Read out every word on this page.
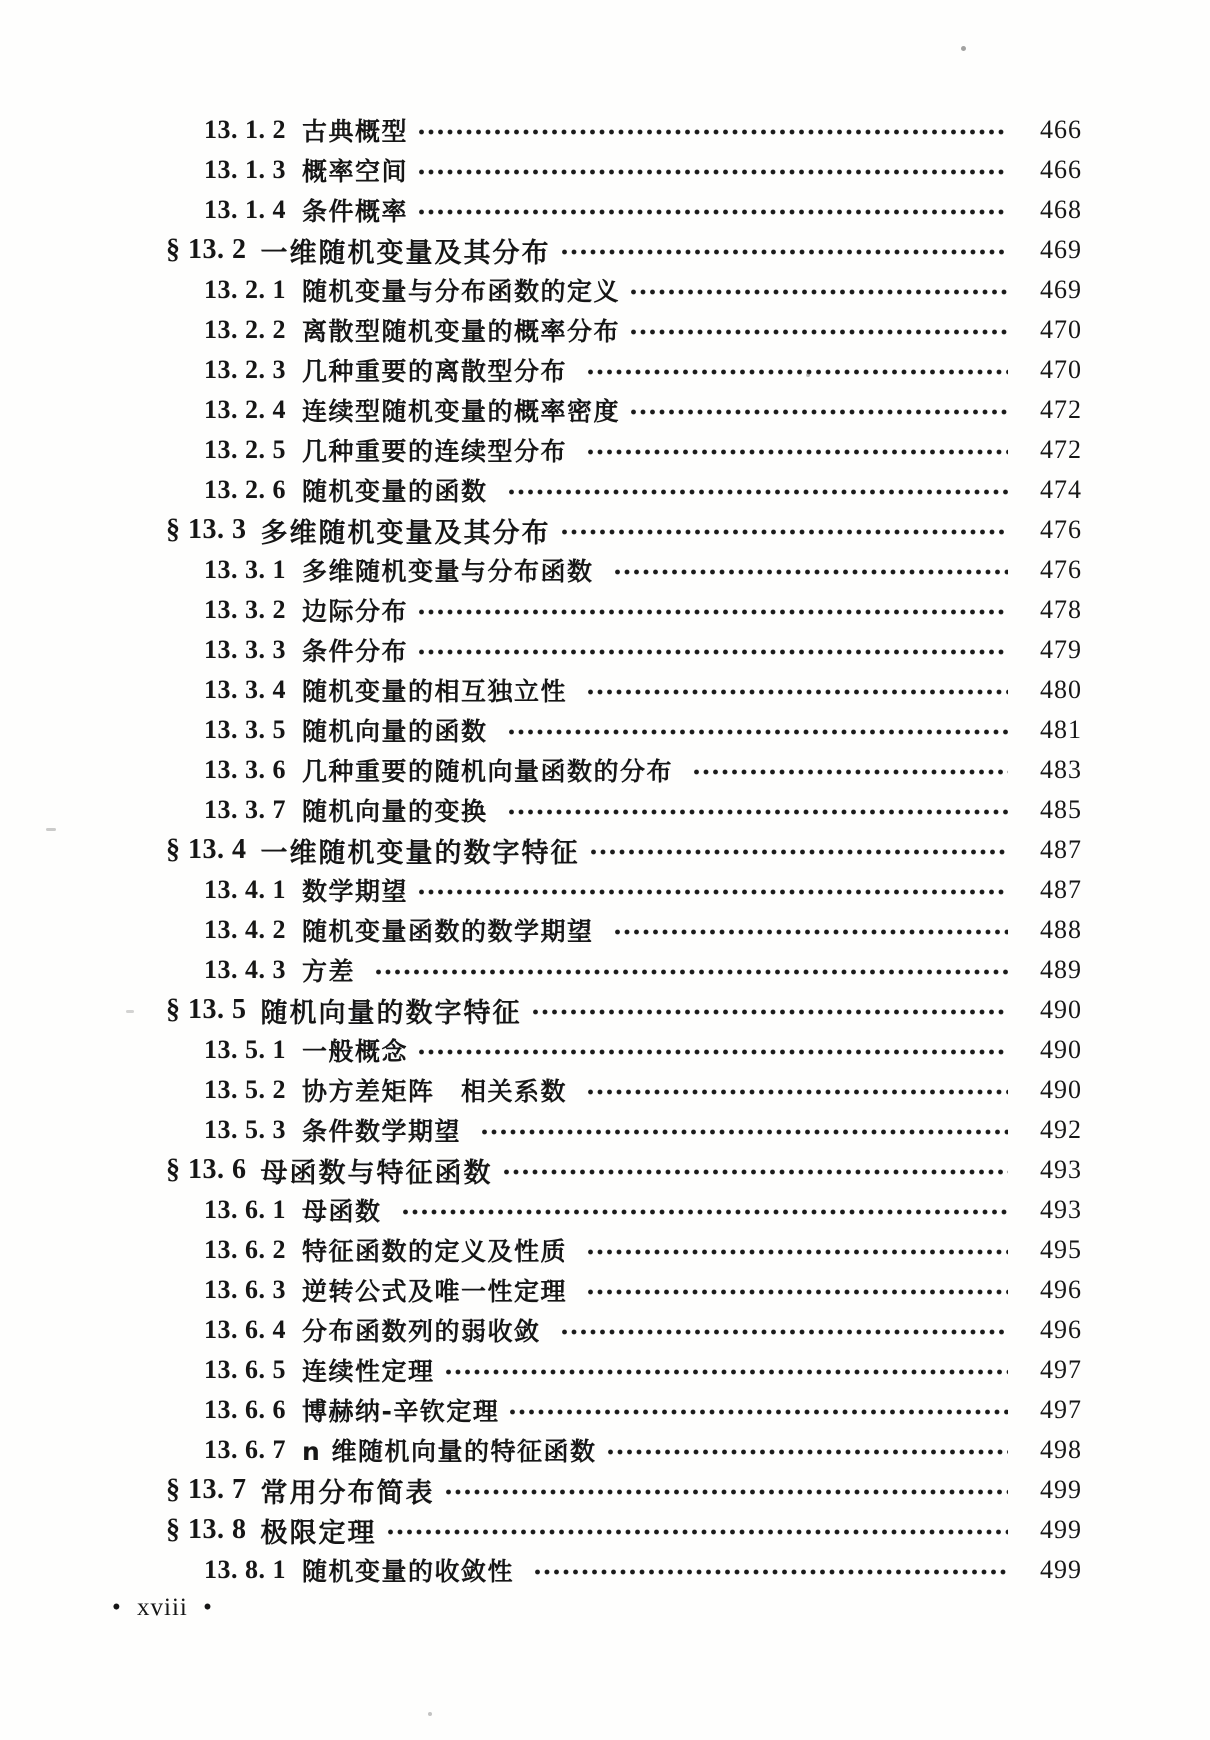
13. 1. 2 古典概型	466
13. 1. 3 概率空间	466
13. 1. 4 条件概率	468
§ 13. 2 一维随机变量及其分布	469
13. 2. 1 随机变量与分布函数的定义	469
13. 2. 2 离散型随机变量的概率分布	470
13. 2. 3 几种重要的离散型分布	470
13. 2. 4 连续型随机变量的概率密度	472
13. 2. 5 几种重要的连续型分布	472
13. 2. 6 随机变量的函数	474
§ 13. 3 多维随机变量及其分布	476
13. 3. 1 多维随机变量与分布函数	476
13. 3. 2 边际分布	478
13. 3. 3 条件分布	479
13. 3. 4 随机变量的相互独立性	480
13. 3. 5 随机向量的函数	481
13. 3. 6 几种重要的随机向量函数的分布	483
13. 3. 7 随机向量的变换	485
§ 13. 4 一维随机变量的数字特征	487
13. 4. 1 数学期望	487
13. 4. 2 随机变量函数的数学期望	488
13. 4. 3 方差	489
§ 13. 5 随机向量的数字特征	490
13. 5. 1 一般概念	490
13. 5. 2 协方差矩阵　相关系数	490
13. 5. 3 条件数学期望	492
§ 13. 6 母函数与特征函数	493
13. 6. 1 母函数	493
13. 6. 2 特征函数的定义及性质	495
13. 6. 3 逆转公式及唯一性定理	496
13. 6. 4 分布函数列的弱收敛	496
13. 6. 5 连续性定理	497
13. 6. 6 博赫纳-辛钦定理	497
13. 6. 7 n 维随机向量的特征函数	498
§ 13. 7 常用分布简表	499
§ 13. 8 极限定理	499
13. 8. 1 随机变量的收敛性	499
• xviii •
